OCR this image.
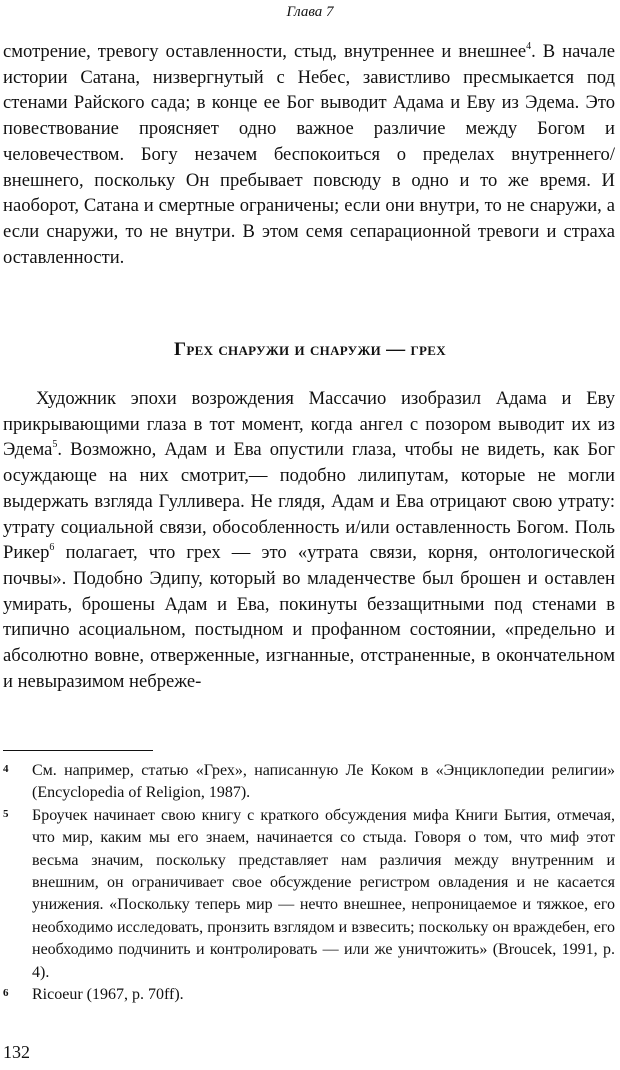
Глава 7

смотрение, тревогу оставленности, стыд, внутреннее и внешнее$^4$. В начале истории Сатана, низвергнутый с Небес, завистливо пресмыкается под стенами Райского сада; в конце ее Бог выводит Адама и Еву из Эдема. Это повествование проясняет одно важное различие между Богом и человечеством. Богу незачем беспокоиться о пределах внутреннего/внешнего, поскольку Он пребывает повсюду в одно и то же время. И наоборот, Сатана и смертные ограничены; если они внутри, то не снаружи, а если снаружи, то не внутри. В этом семя сепарационной тревоги и страха оставленности.

Грех снаружи и снаружи — грех

Художник эпохи возрождения Массачио изобразил Адама и Еву прикрывающими глаза в тот момент, когда ангел с позором выводит их из Эдема$^5$. Возможно, Адам и Ева опустили глаза, чтобы не видеть, как Бог осуждающе на них смотрит,— подобно лилипутам, которые не могли выдержать взгляда Гулливера. Не глядя, Адам и Ева отрицают свою утрату: утрату социальной связи, обособленность и/или оставленность Богом. Поль Рикер$^6$ полагает, что грех — это «утрата связи, корня, онтологической почвы». Подобно Эдипу, который во младенчестве был брошен и оставлен умирать, брошены Адам и Ева, покинуты беззащитными под стенами в типично асоциальном, постыдном и профанном состоянии, «предельно и абсолютно вовне, отверженные, изгнанные, отстраненные, в окончательном и невыразимом небреже-

4	См. например, статью «Грех», написанную Ле Коком в «Энциклопедии религии» (Encyclopedia of Religion, 1987).
5	Броучек начинает свою книгу с краткого обсуждения мифа Книги Бытия, отмечая, что мир, каким мы его знаем, начинается со стыда. Говоря о том, что миф этот весьма значим, поскольку представляет нам различия между внутренним и внешним, он ограничивает свое обсуждение регистром овладения и не касается унижения. «Поскольку теперь мир — нечто внешнее, непроницаемое и тяжкое, его необходимо исследовать, пронзить взглядом и взвесить; поскольку он враждебен, его необходимо подчинить и контролировать — или же уничтожить» (Broucek, 1991, p. 4).
6	Ricoeur (1967, p. 70ff).
132
